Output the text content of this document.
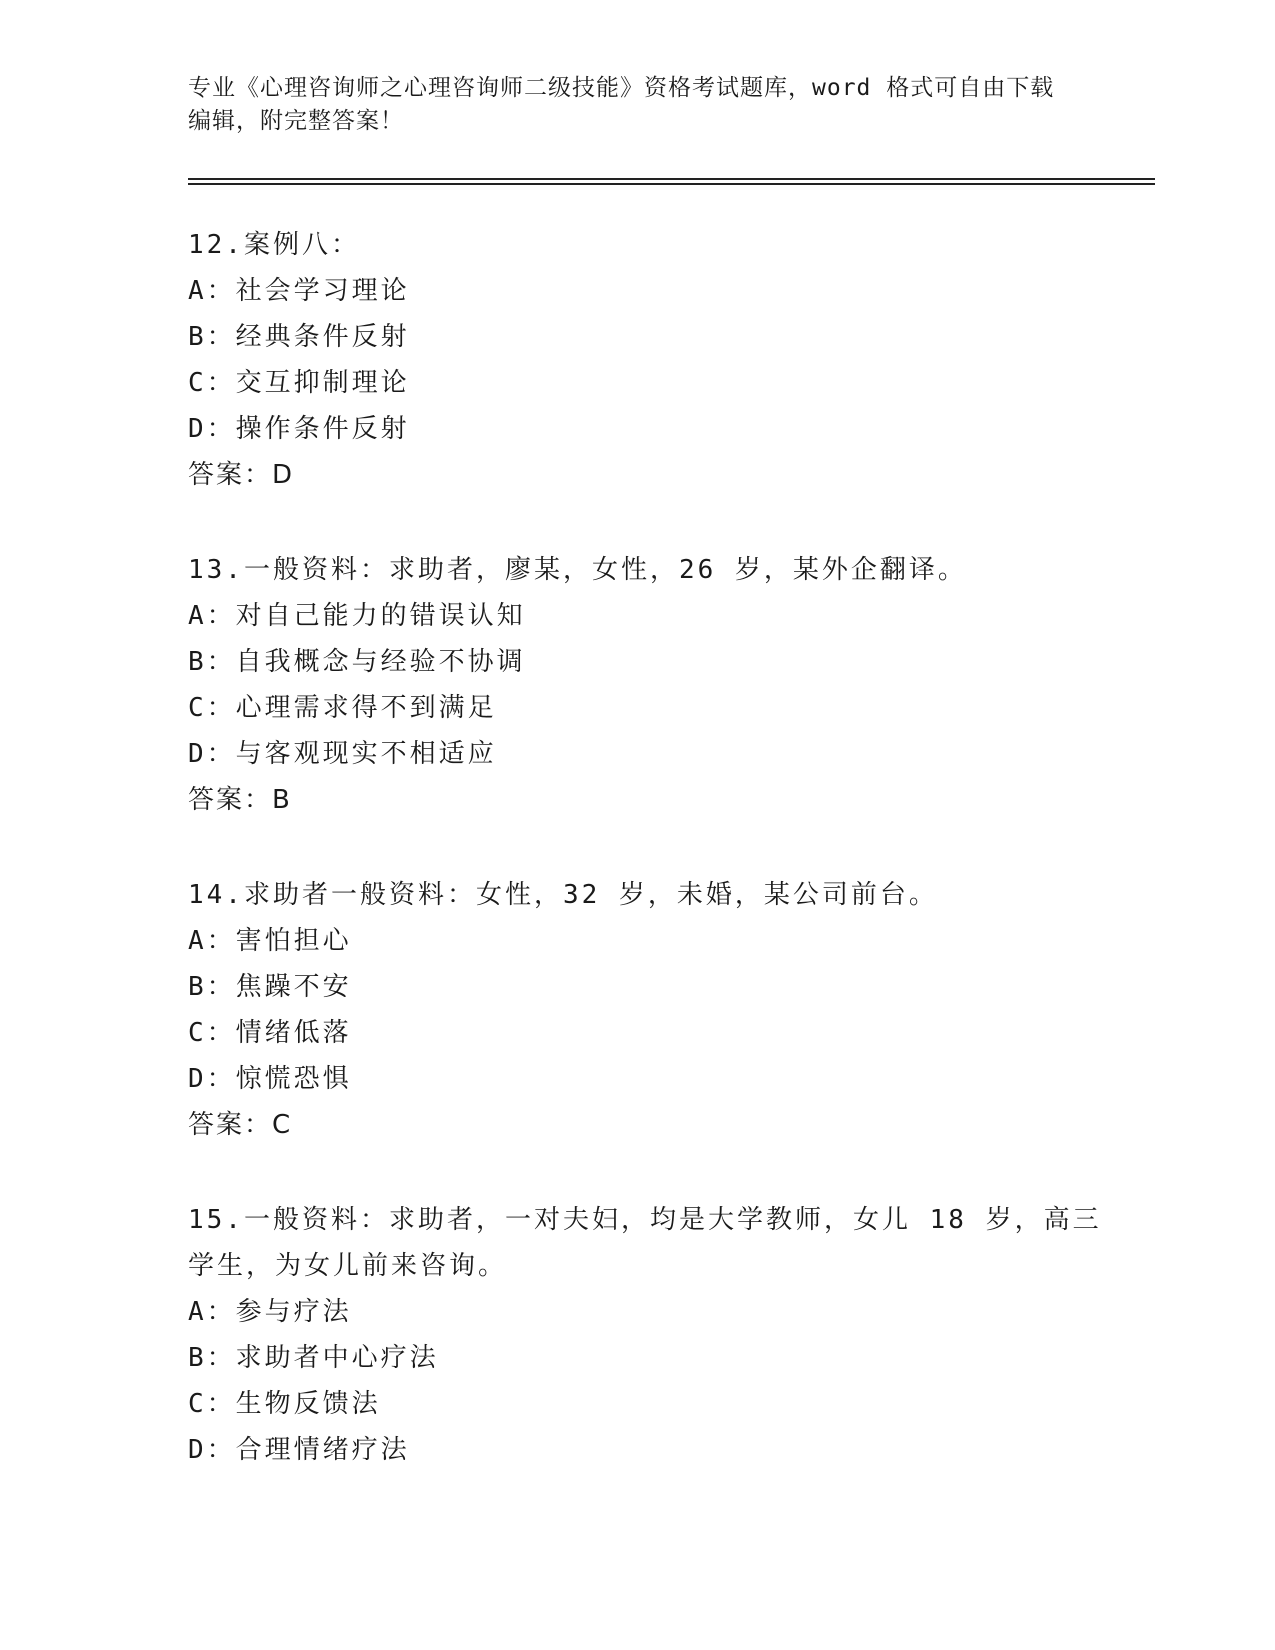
专业《心理咨询师之心理咨询师二级技能》资格考试题库，word 格式可自由下载
编辑，附完整答案！
12.案例八：
A：社会学习理论
B：经典条件反射
C：交互抑制理论
D：操作条件反射
答案：D
13.一般资料：求助者，廖某，女性，26 岁，某外企翻译。
A：对自己能力的错误认知
B：自我概念与经验不协调
C：心理需求得不到满足
D：与客观现实不相适应
答案：B
14.求助者一般资料：女性，32 岁，未婚，某公司前台。
A：害怕担心
B：焦躁不安
C：情绪低落
D：惊慌恐惧
答案：C
15.一般资料：求助者，一对夫妇，均是大学教师，女儿 18 岁，高三
学生，为女儿前来咨询。
A：参与疗法
B：求助者中心疗法
C：生物反馈法
D：合理情绪疗法
